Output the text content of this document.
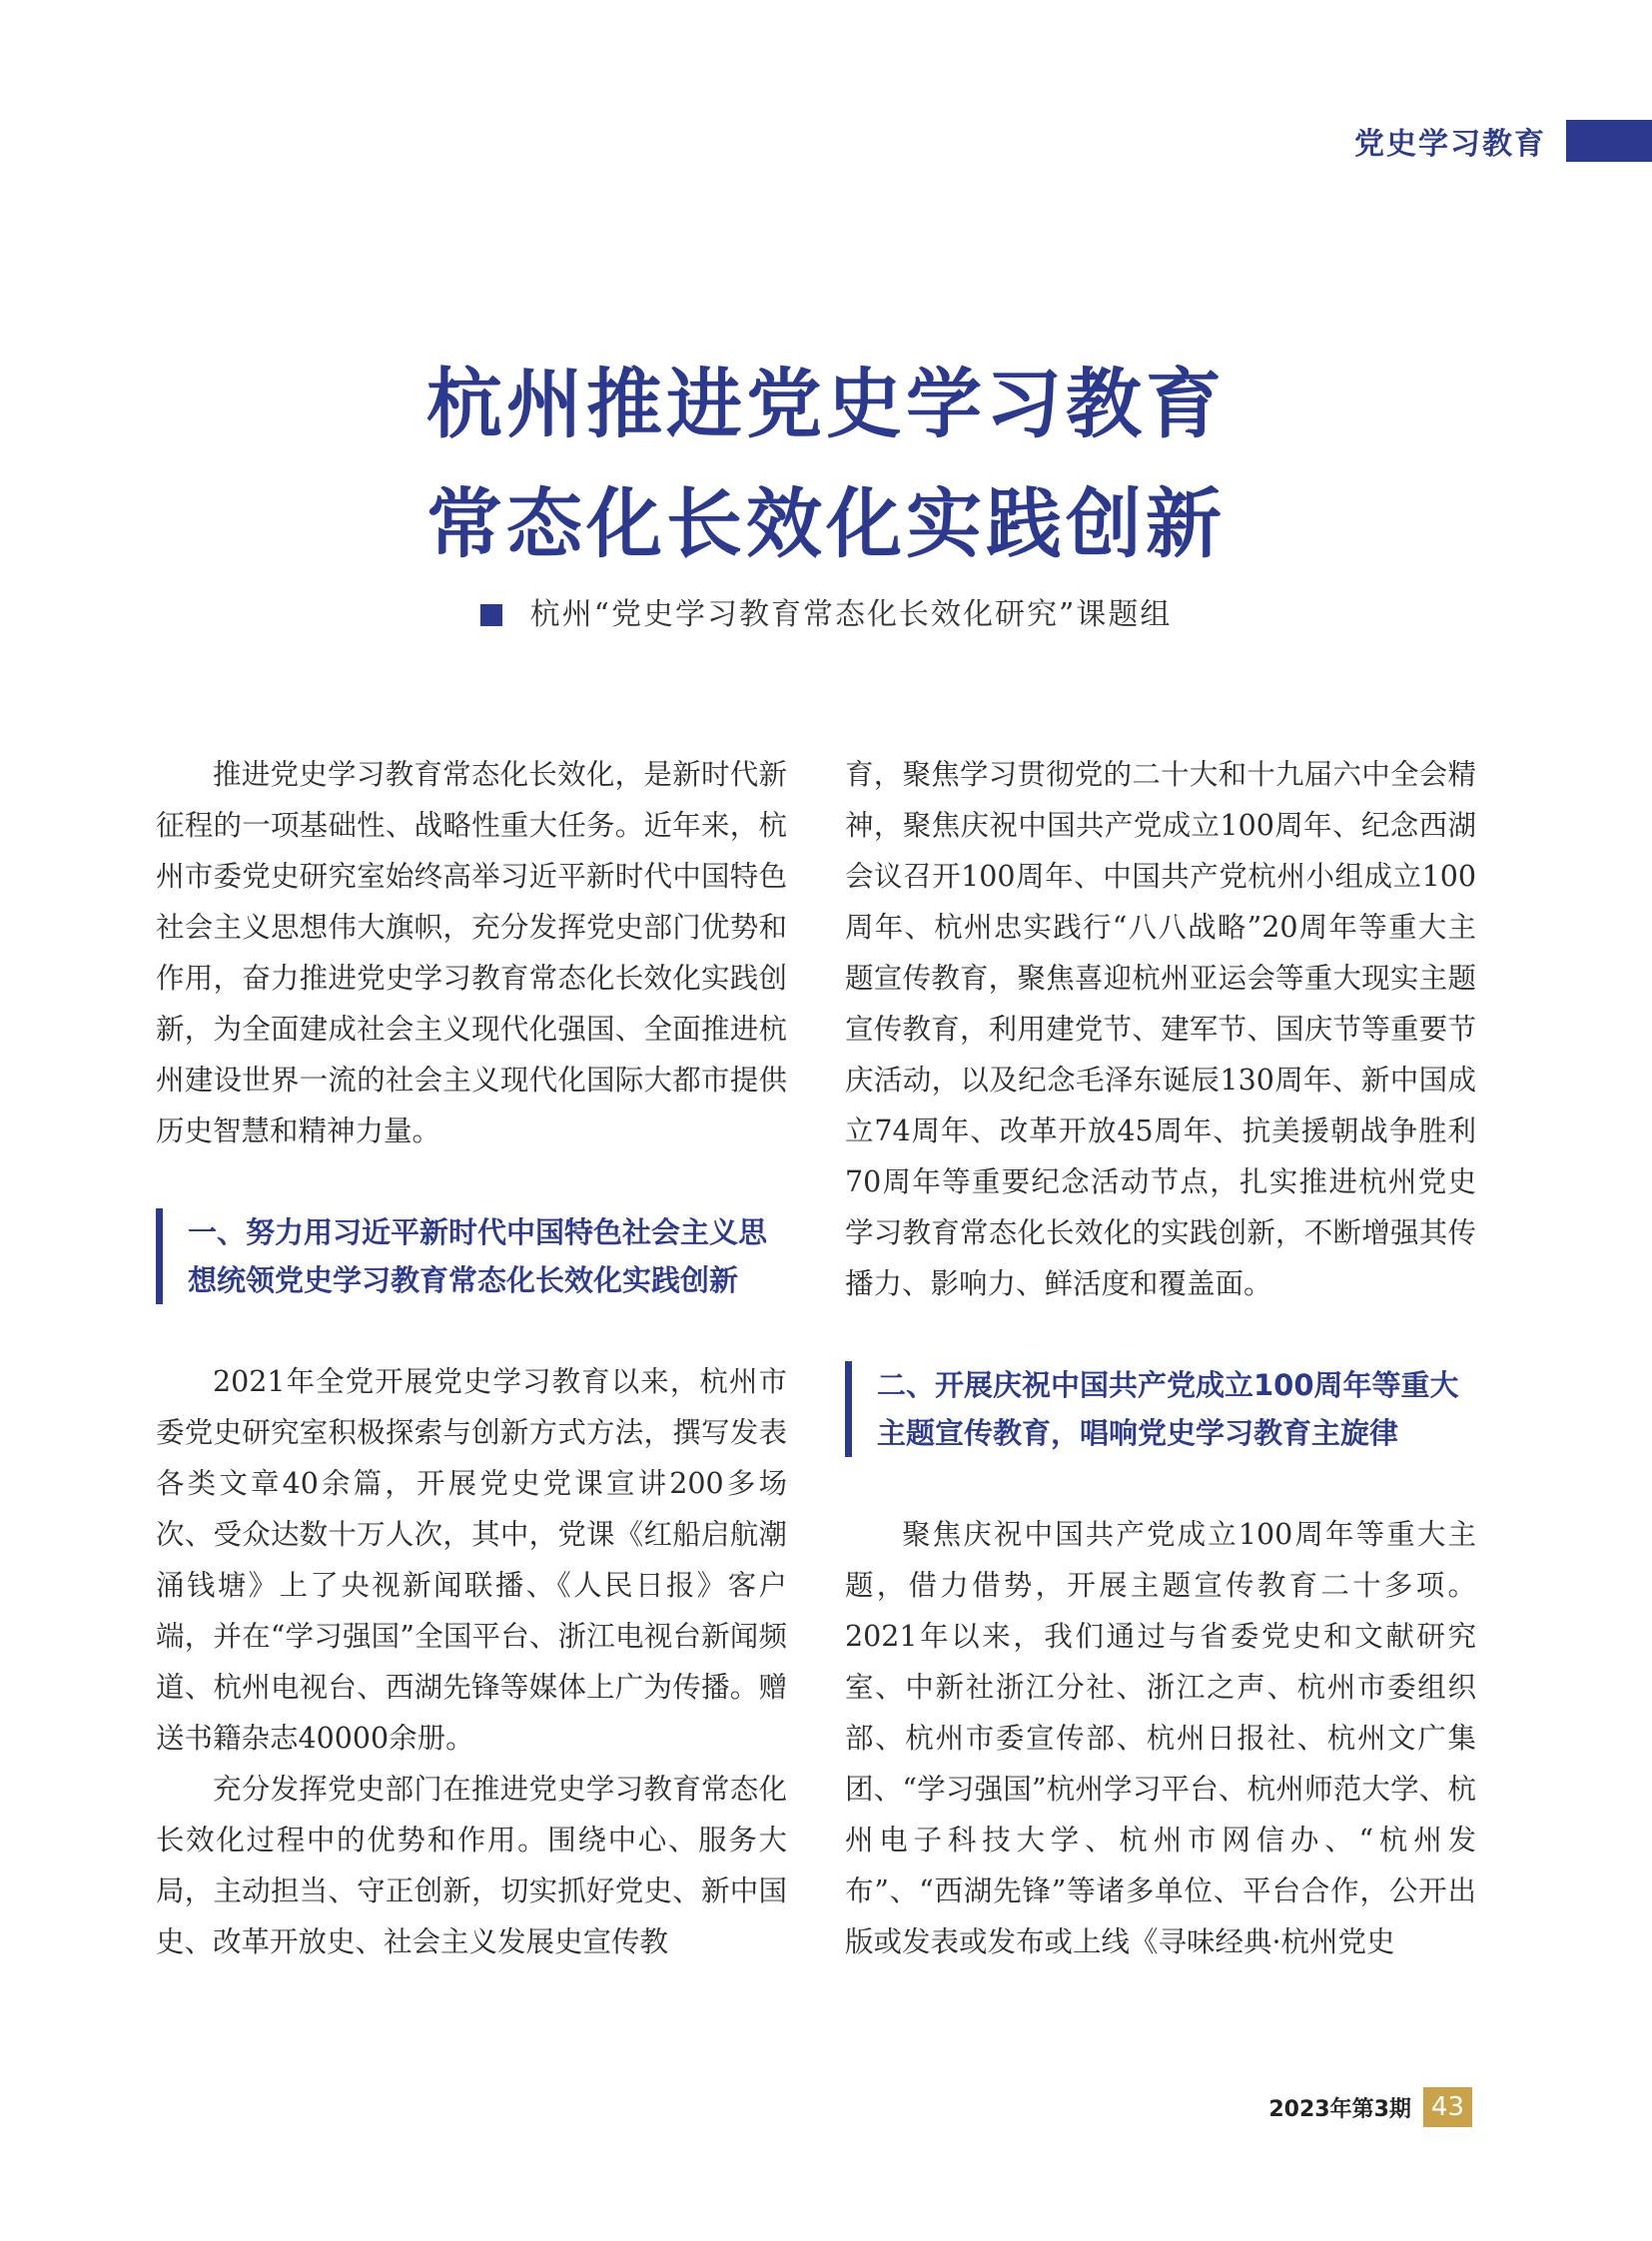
党史学习教育
杭州推进党史学习教育
常态化长效化实践创新
杭州“党史学习教育常态化长效化研究”课题组

推进党史学习教育常态化长效化，是新时代新征程的一项基础性、战略性重大任务。近年来，杭州市委党史研究室始终高举习近平新时代中国特色社会主义思想伟大旗帜，充分发挥党史部门优势和作用，奋力推进党史学习教育常态化长效化实践创新，为全面建成社会主义现代化强国、全面推进杭州建设世界一流的社会主义现代化国际大都市提供历史智慧和精神力量。

一、努力用习近平新时代中国特色社会主义思想统领党史学习教育常态化长效化实践创新

2021年全党开展党史学习教育以来，杭州市委党史研究室积极探索与创新方式方法，撰写发表各类文章40余篇，开展党史党课宣讲200多场次、受众达数十万人次，其中，党课《红船启航潮涌钱塘》上了央视新闻联播、《人民日报》客户端，并在“学习强国”全国平台、浙江电视台新闻频道、杭州电视台、西湖先锋等媒体上广为传播。赠送书籍杂志40000余册。

充分发挥党史部门在推进党史学习教育常态化长效化过程中的优势和作用。围绕中心、服务大局，主动担当、守正创新，切实抓好党史、新中国史、改革开放史、社会主义发展史宣传教

育，聚焦学习贯彻党的二十大和十九届六中全会精神，聚焦庆祝中国共产党成立100周年、纪念西湖会议召开100周年、中国共产党杭州小组成立100周年、杭州忠实践行“八八战略”20周年等重大主题宣传教育，聚焦喜迎杭州亚运会等重大现实主题宣传教育，利用建党节、建军节、国庆节等重要节庆活动，以及纪念毛泽东诞辰130周年、新中国成立74周年、改革开放45周年、抗美援朝战争胜利70周年等重要纪念活动节点，扎实推进杭州党史学习教育常态化长效化的实践创新，不断增强其传播力、影响力、鲜活度和覆盖面。

二、开展庆祝中国共产党成立100周年等重大主题宣传教育，唱响党史学习教育主旋律

聚焦庆祝中国共产党成立100周年等重大主题，借力借势，开展主题宣传教育二十多项。2021年以来，我们通过与省委党史和文献研究室、中新社浙江分社、浙江之声、杭州市委组织部、杭州市委宣传部、杭州日报社、杭州文广集团、“学习强国”杭州学习平台、杭州师范大学、杭州电子科技大学、杭州市网信办、“杭州发布”、“西湖先锋”等诸多单位、平台合作，公开出版或发表或发布或上线《寻味经典·杭州党史

2023年第3期 43
